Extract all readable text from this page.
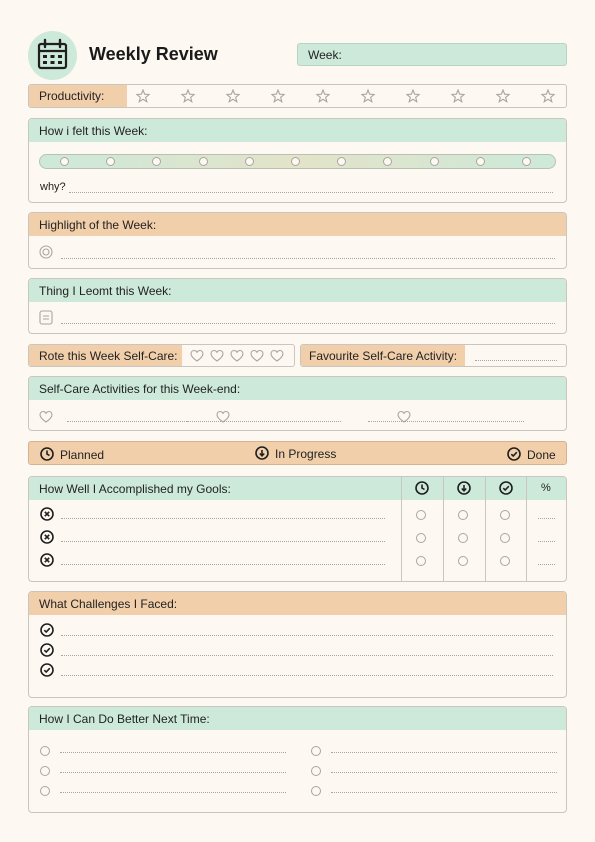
Weekly Review	Week:
Productivity:
How i felt this Week:
why?
Highlight of the Week:
Thing I Leomt this Week:
Rote this Week Self-Care:	Favourite Self-Care Activity:
Self-Care Activities for this Week-end:
Planned	In Progress	Done
How Well I Accomplished my Gools:	%
What Challenges I Faced:
How I Can Do Better Next Time:
